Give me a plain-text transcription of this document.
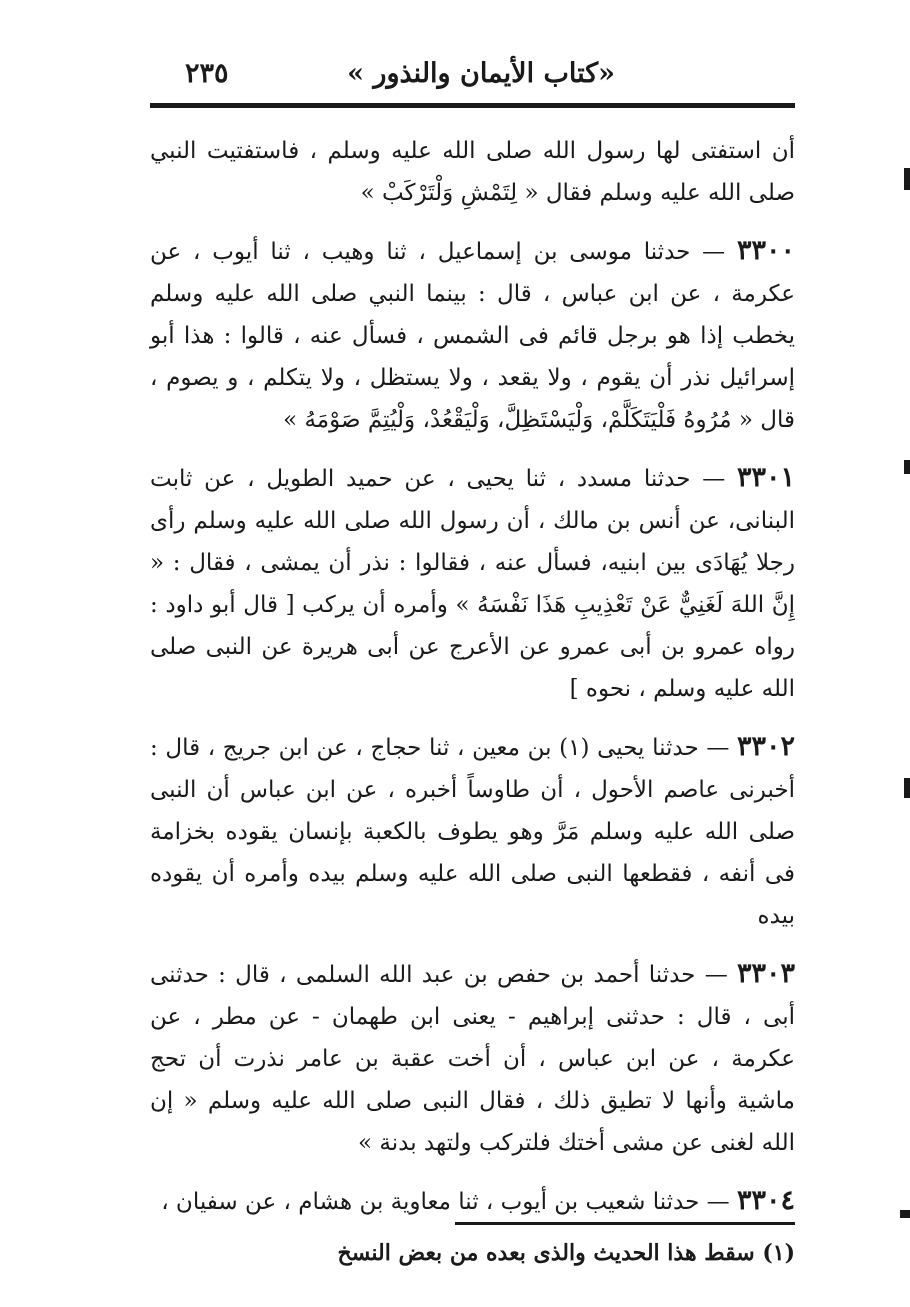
«كتاب الأيمان والنذور »
٢٣٥

أن استفتى لها رسول الله صلى الله عليه وسلم ، فاستفتيت النبي صلى الله عليه وسلم فقال « لِتَمْشِ وَلْتَرْكَبْ »

٣٣٠٠ — حدثنا موسى بن إسماعيل ، ثنا وهيب ، ثنا أيوب ، عن عكرمة ، عن ابن عباس ، قال : بينما النبي صلى الله عليه وسلم يخطب إذا هو برجل قائم فى الشمس ، فسأل عنه ، قالوا : هذا أبو إسرائيل نذر أن يقوم ، ولا يقعد ، ولا يستظل ، ولا يتكلم ، و يصوم ، قال « مُرُوهُ فَلْيَتَكَلَّمْ، وَلْيَسْتَظِلَّ، وَلْيَقْعُدْ، وَلْيُتِمَّ صَوْمَهُ »

٣٣٠١ — حدثنا مسدد ، ثنا يحيى ، عن حميد الطويل ، عن ثابت البنانى، عن أنس بن مالك ، أن رسول الله صلى الله عليه وسلم رأى رجلا يُهَادَى بين ابنيه، فسأل عنه ، فقالوا : نذر أن يمشى ، فقال : « إِنَّ اللهَ لَغَنِيٌّ عَنْ تَعْذِيبِ هَذَا نَفْسَهُ » وأمره أن يركب [ قال أبو داود : رواه عمرو بن أبى عمرو عن الأعرج عن أبى هريرة عن النبى صلى الله عليه وسلم ، نحوه ]

٣٣٠٢ — حدثنا يحيى (١) بن معين ، ثنا حجاج ، عن ابن جريج ، قال : أخبرنى عاصم الأحول ، أن طاوساً أخبره ، عن ابن عباس أن النبى صلى الله عليه وسلم مَرَّ وهو يطوف بالكعبة بإنسان يقوده بخزامة فى أنفه ، فقطعها النبى صلى الله عليه وسلم بيده وأمره أن يقوده بيده

٣٣٠٣ — حدثنا أحمد بن حفص بن عبد الله السلمى ، قال : حدثنى أبى ، قال : حدثنى إبراهيم - يعنى ابن طهمان - عن مطر ، عن عكرمة ، عن ابن عباس ، أن أخت عقبة بن عامر نذرت أن تحج ماشية وأنها لا تطيق ذلك ، فقال النبى صلى الله عليه وسلم « إن الله لغنى عن مشى أختك فلتركب ولتهد بدنة »

٣٣٠٤ — حدثنا شعيب بن أيوب ، ثنا معاوية بن هشام ، عن سفيان ،

(١) سقط هذا الحديث والذى بعده من بعض النسخ
